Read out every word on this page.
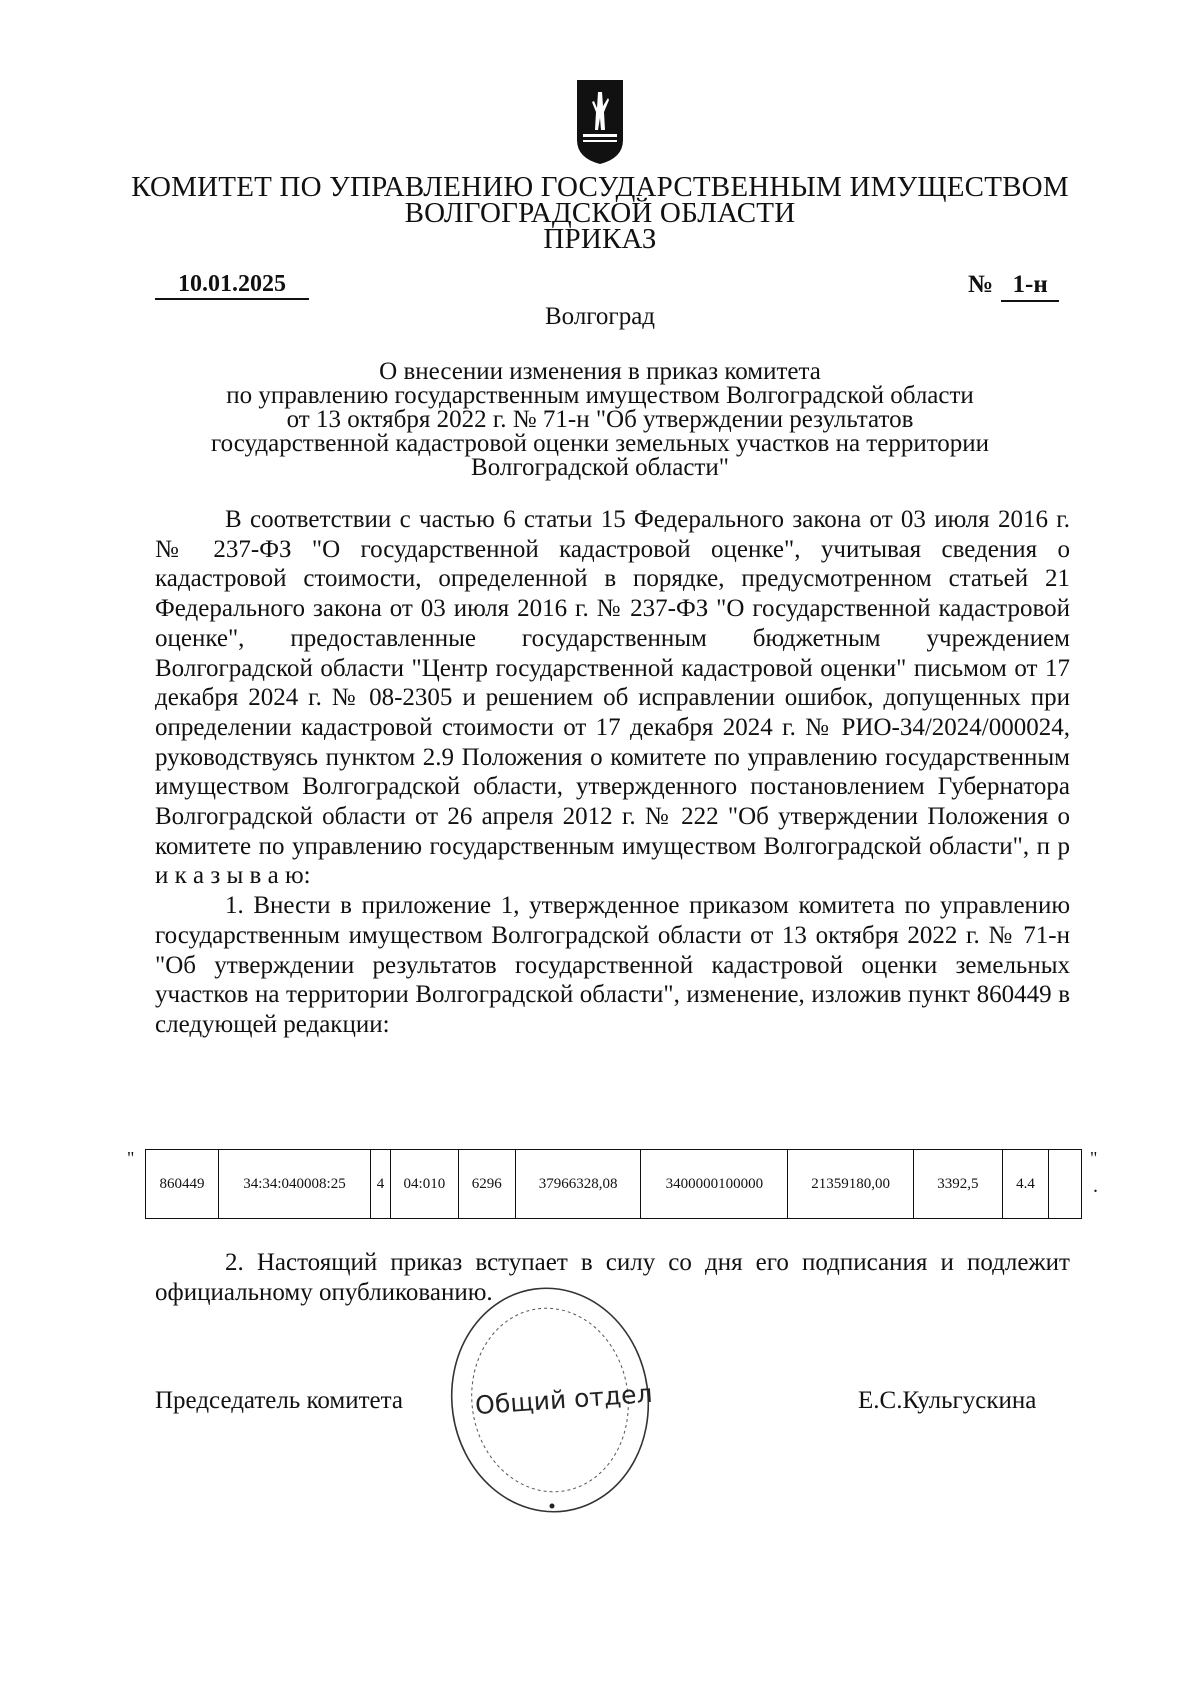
КОМИТЕТ ПО УПРАВЛЕНИЮ ГОСУДАРСТВЕННЫМ ИМУЩЕСТВОМ
ВОЛГОГРАДСКОЙ ОБЛАСТИ
ПРИКАЗ
10.01.2025	№ 1-н
Волгоград
О внесении изменения в приказ комитета
по управлению государственным имуществом Волгоградской области
от 13 октября 2022 г. № 71-н "Об утверждении результатов
государственной кадастровой оценки земельных участков на территории
Волгоградской области"

В соответствии с частью 6 статьи 15 Федерального закона от 03 июля 2016 г. № 237-ФЗ "О государственной кадастровой оценке", учитывая сведения о кадастровой стоимости, определенной в порядке, предусмотренном статьей 21 Федерального закона от 03 июля 2016 г. № 237-ФЗ "О государственной кадастровой оценке", предоставленные государственным бюджетным учреждением Волгоградской области "Центр государственной кадастровой оценки" письмом от 17 декабря 2024 г. № 08-2305 и решением об исправлении ошибок, допущенных при определении кадастровой стоимости от 17 декабря 2024 г. № РИО-34/2024/000024, руководствуясь пунктом 2.9 Положения о комитете по управлению государственным имуществом Волгоградской области, утвержденного постановлением Губернатора Волгоградской области от 26 апреля 2012 г. № 222 "Об утверждении Положения о комитете по управлению государственным имуществом Волгоградской области", п р и к а з ы в а ю:

1. Внести в приложение 1, утвержденное приказом комитета по управлению государственным имуществом Волгоградской области от 13 октября 2022 г. № 71-н "Об утверждении результатов государственной кадастровой оценки земельных участков на территории Волгоградской области", изменение, изложив пункт 860449 в следующей редакции:

"	"
.
860449	34:34:040008:25	4	04:010	6296	37966328,08	3400000100000	21359180,00	3392,5	4.4	

2. Настоящий приказ вступает в силу со дня его подписания и подлежит официальному опубликованию.

Председатель комитета	Е.С.Кульгускина
Общий отдел
